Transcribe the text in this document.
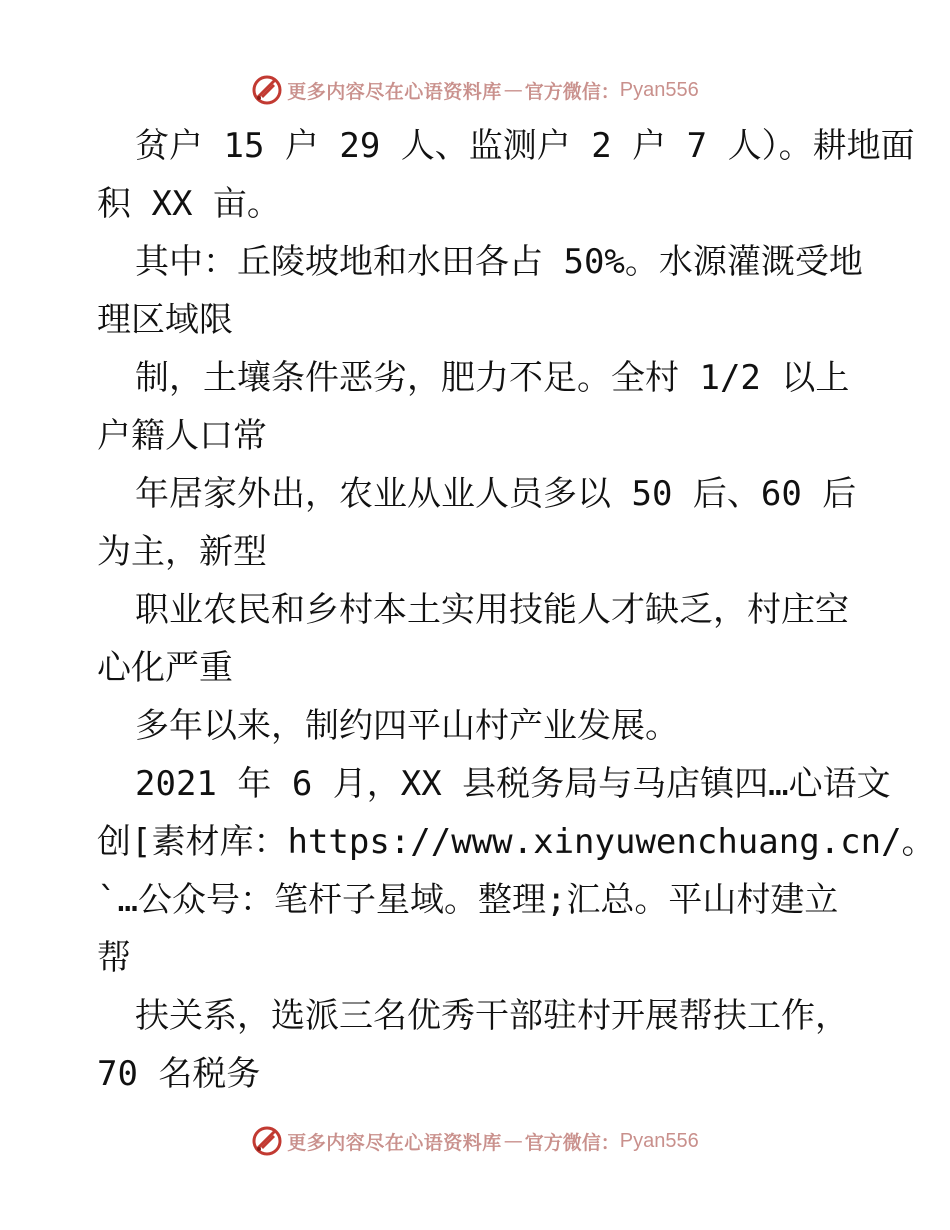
更多内容尽在心语资料库 — 官方微信： Pyan556
贫户 15 户 29 人、监测户 2 户 7 人）。耕地面
积 XX 亩。
其中：丘陵坡地和水田各占 50%。水源灌溉受地
理区域限
制，土壤条件恶劣，肥力不足。全村 1/2 以上
户籍人口常
年居家外出，农业从业人员多以 50 后、60 后
为主，新型
职业农民和乡村本土实用技能人才缺乏，村庄空
心化严重
多年以来，制约四平山村产业发展。
2021 年 6 月，XX 县税务局与马店镇四…心语文
创[素材库：https://www.xinyuwenchuang.cn/。
`…公众号：笔杆子星域。整理;汇总。平山村建立
帮
扶关系，选派三名优秀干部驻村开展帮扶工作，
70 名税务
更多内容尽在心语资料库 — 官方微信： Pyan556
